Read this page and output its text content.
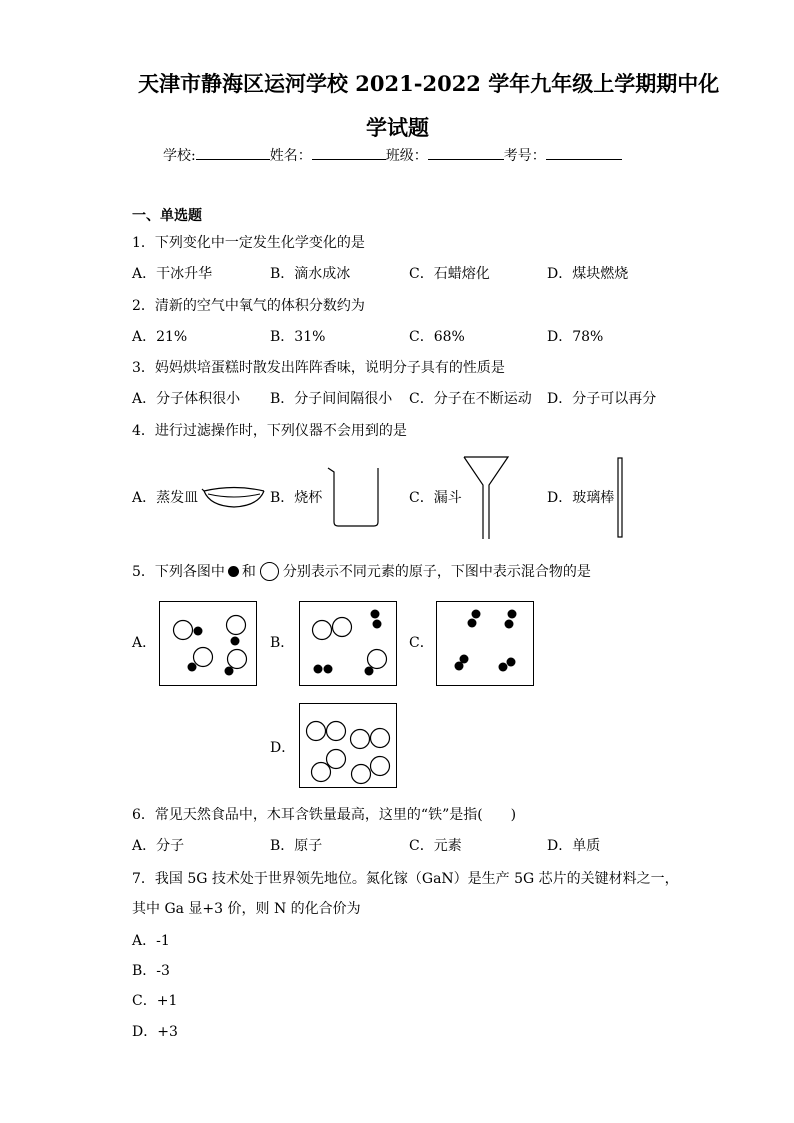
天津市静海区运河学校 2021-2022 学年九年级上学期期中化
学试题
学校:	姓名：	班级：	考号：
一、单选题
1．下列变化中一定发生化学变化的是
A．干冰升华	B．滴水成冰	C．石蜡熔化	D．煤块燃烧
2．清新的空气中氧气的体积分数约为
A．21%	B．31%	C．68%	D．78%
3．妈妈烘培蛋糕时散发出阵阵香味，说明分子具有的性质是
A．分子体积很小 B．分子间间隔很小 C．分子在不断运动 D．分子可以再分
4．进行过滤操作时，下列仪器不会用到的是
A．蒸发皿	B．烧杯	C．漏斗	D．玻璃棒
5．下列各图中 和 分别表示不同元素的原子，下图中表示混合物的是
A．	B．	C．
D．
6．常见天然食品中，木耳含铁量最高，这里的“铁”是指(　　)
A．分子	B．原子	C．元素	D．单质
7．我国 5G 技术处于世界领先地位。氮化镓（GaN）是生产 5G 芯片的关键材料之一，
其中 Ga 显+3 价，则 N 的化合价为
A．-1
B．-3
C．+1
D．+3
